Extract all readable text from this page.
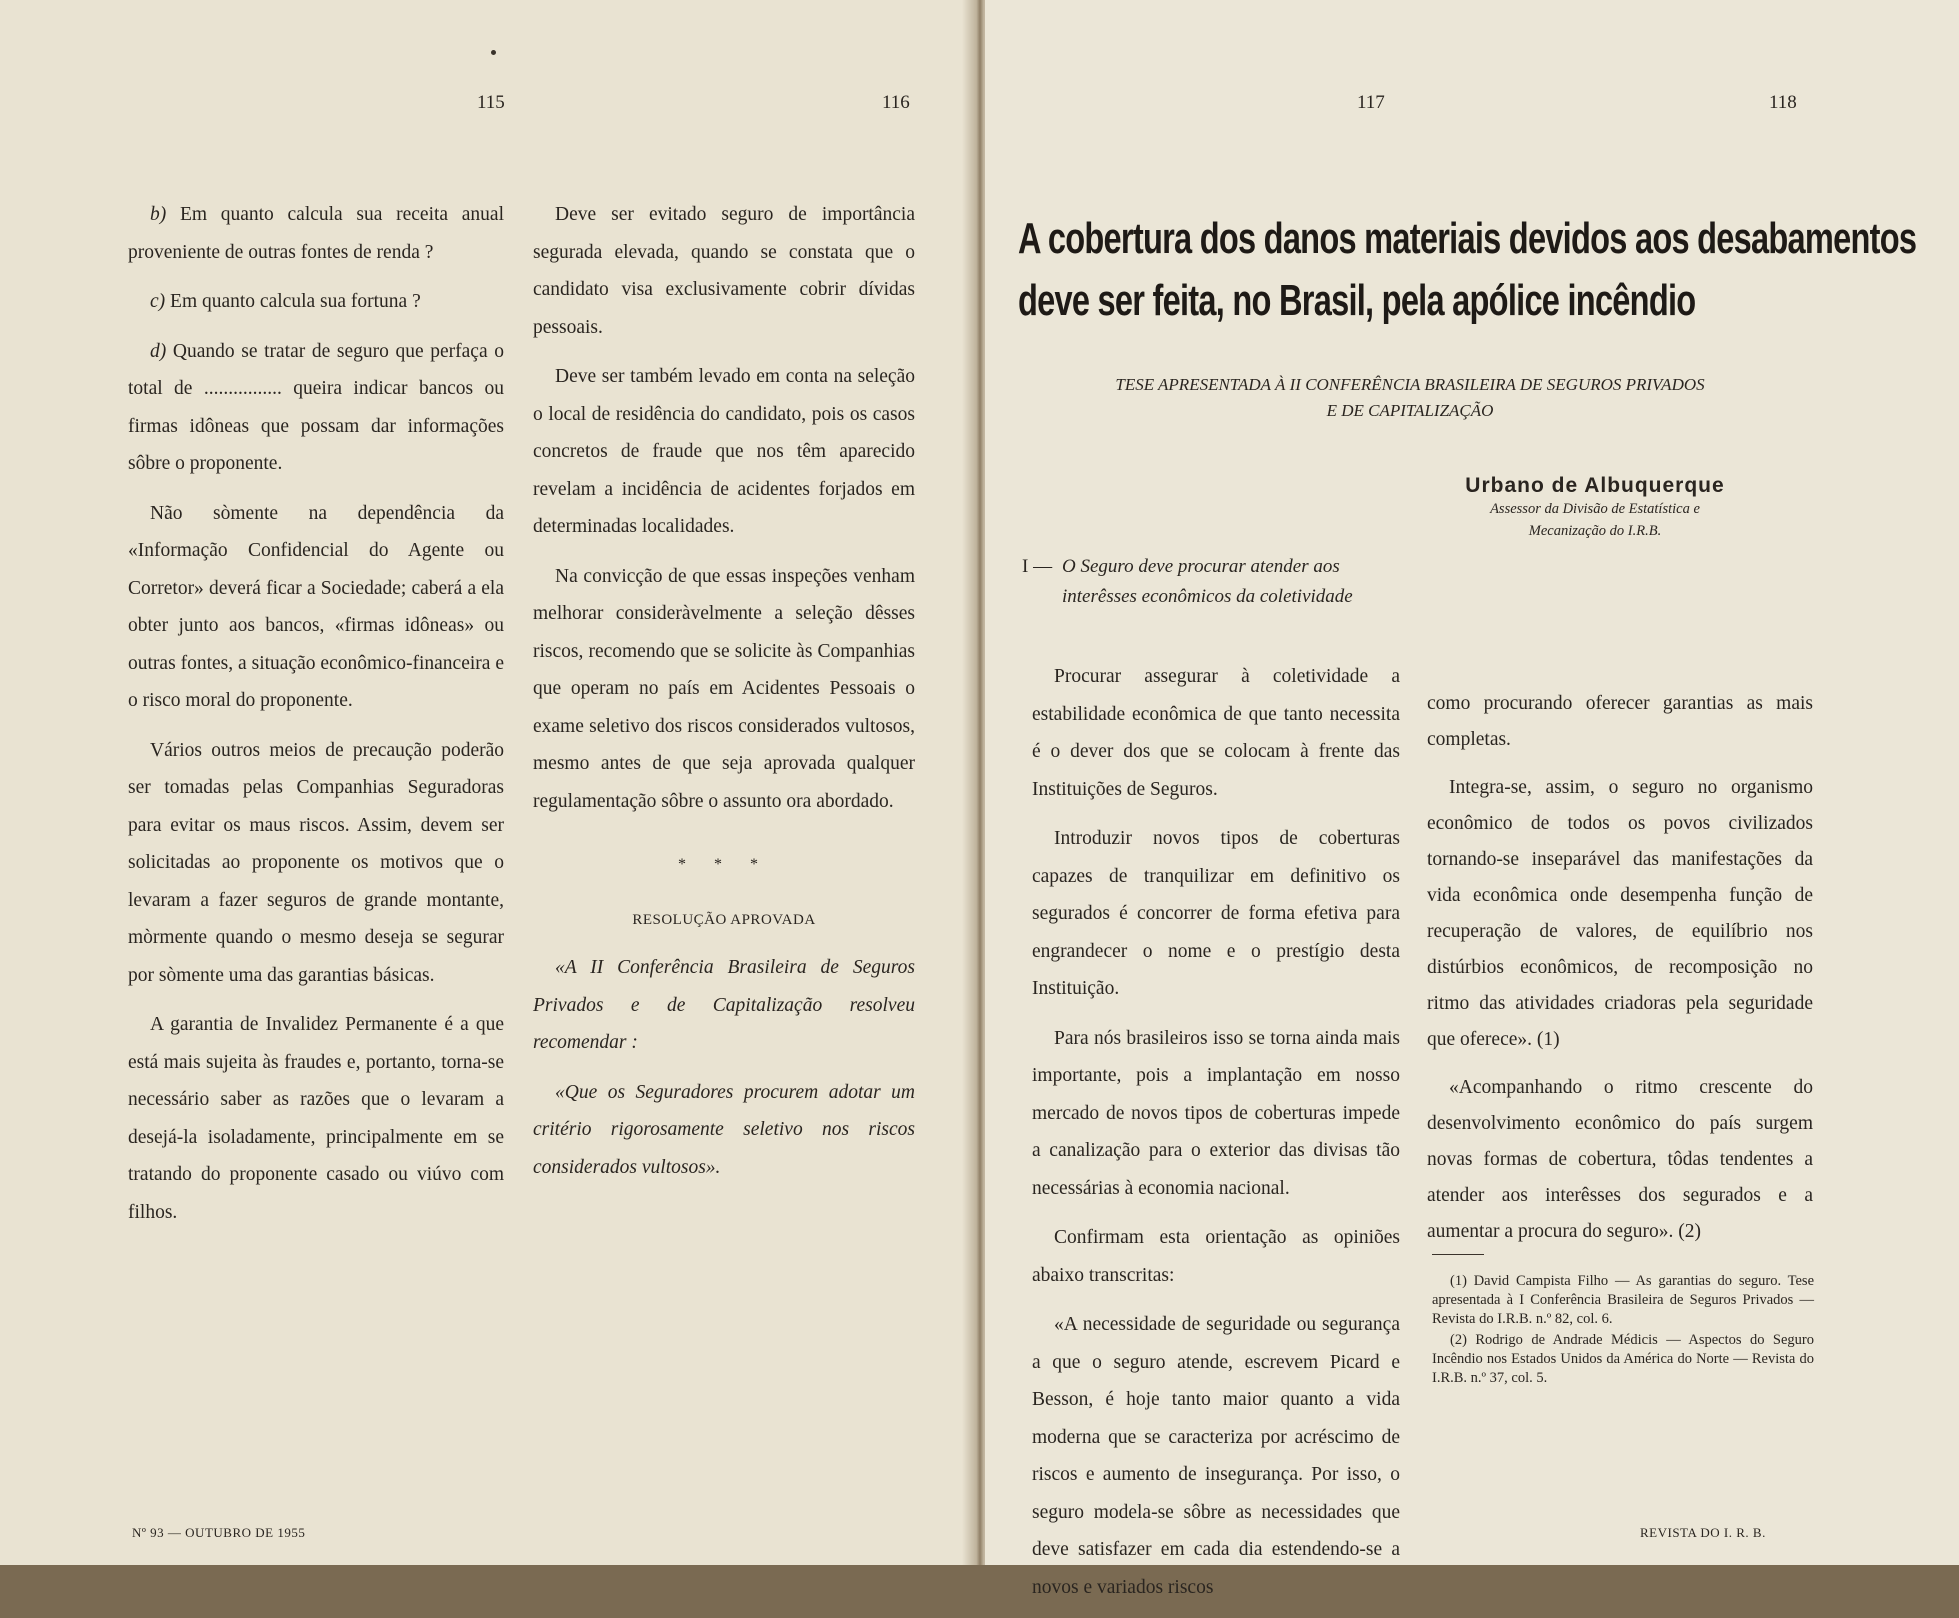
115	116

b) Em quanto calcula sua receita anual proveniente de outras fontes de renda ?

c) Em quanto calcula sua fortuna ?

d) Quando se tratar de seguro que perfaça o total de ................ queira indicar bancos ou firmas idôneas que possam dar informações sôbre o proponente.

Não sòmente na dependência da «Informação Confidencial do Agente ou Corretor» deverá ficar a Sociedade; caberá a ela obter junto aos bancos, «firmas idôneas» ou outras fontes, a situação econômico-financeira e o risco moral do proponente.

Vários outros meios de precaução poderão ser tomadas pelas Companhias Seguradoras para evitar os maus riscos. Assim, devem ser solicitadas ao proponente os motivos que o levaram a fazer seguros de grande montante, mòrmente quando o mesmo deseja se segurar por sòmente uma das garantias básicas.

A garantia de Invalidez Permanente é a que está mais sujeita às fraudes e, portanto, torna-se necessário saber as razões que o levaram a desejá-la isoladamente, principalmente em se tratando do proponente casado ou viúvo com filhos.

Deve ser evitado seguro de importância segurada elevada, quando se constata que o candidato visa exclusivamente cobrir dívidas pessoais.

Deve ser também levado em conta na seleção o local de residência do candidato, pois os casos concretos de fraude que nos têm aparecido revelam a incidência de acidentes forjados em determinadas localidades.

Na convicção de que essas inspeções venham melhorar consideràvelmente a seleção dêsses riscos, recomendo que se solicite às Companhias que operam no país em Acidentes Pessoais o exame seletivo dos riscos considerados vultosos, mesmo antes de que seja aprovada qualquer regulamentação sôbre o assunto ora abordado.

* * *
RESOLUÇÃO APROVADA

«A II Conferência Brasileira de Seguros Privados e de Capitalização resolveu recomendar :

«Que os Seguradores procurem adotar um critério rigorosamente seletivo nos riscos considerados vultosos».

Nº 93 — OUTUBRO DE 1955
117	118
A cobertura dos danos materiais devidos aos desabamentos
deve ser feita, no Brasil, pela apólice incêndio
TESE APRESENTADA À II CONFERÊNCIA BRASILEIRA DE SEGUROS PRIVADOS
E DE CAPITALIZAÇÃO
Urbano de Albuquerque
Assessor da Divisão de Estatística e
Mecanização do I.R.B.
I — O Seguro deve procurar atender aos interêsses econômicos da coletividade

Procurar assegurar à coletividade a estabilidade econômica de que tanto necessita é o dever dos que se colocam à frente das Instituições de Seguros.

Introduzir novos tipos de coberturas capazes de tranquilizar em definitivo os segurados é concorrer de forma efetiva para engrandecer o nome e o prestígio desta Instituição.

Para nós brasileiros isso se torna ainda mais importante, pois a implantação em nosso mercado de novos tipos de coberturas impede a canalização para o exterior das divisas tão necessárias à economia nacional.

Confirmam esta orientação as opiniões abaixo transcritas:

«A necessidade de seguridade ou segurança a que o seguro atende, escrevem Picard e Besson, é hoje tanto maior quanto a vida moderna que se caracteriza por acréscimo de riscos e aumento de insegurança. Por isso, o seguro modela-se sôbre as necessidades que deve satisfazer em cada dia estendendo-se a novos e variados riscos

como procurando oferecer garantias as mais completas.

Integra-se, assim, o seguro no organismo econômico de todos os povos civilizados tornando-se inseparável das manifestações da vida econômica onde desempenha função de recuperação de valores, de equilíbrio nos distúrbios econômicos, de recomposição no ritmo das atividades criadoras pela seguridade que oferece». (1)

«Acompanhando o ritmo crescente do desenvolvimento econômico do país surgem novas formas de cobertura, tôdas tendentes a atender aos interêsses dos segurados e a aumentar a procura do seguro». (2)

(1) David Campista Filho — As garantias do seguro. Tese apresentada à I Conferência Brasileira de Seguros Privados — Revista do I.R.B. n.º 82, col. 6.

(2) Rodrigo de Andrade Médicis — Aspectos do Seguro Incêndio nos Estados Unidos da América do Norte — Revista do I.R.B. n.º 37, col. 5.

REVISTA DO I. R. B.
